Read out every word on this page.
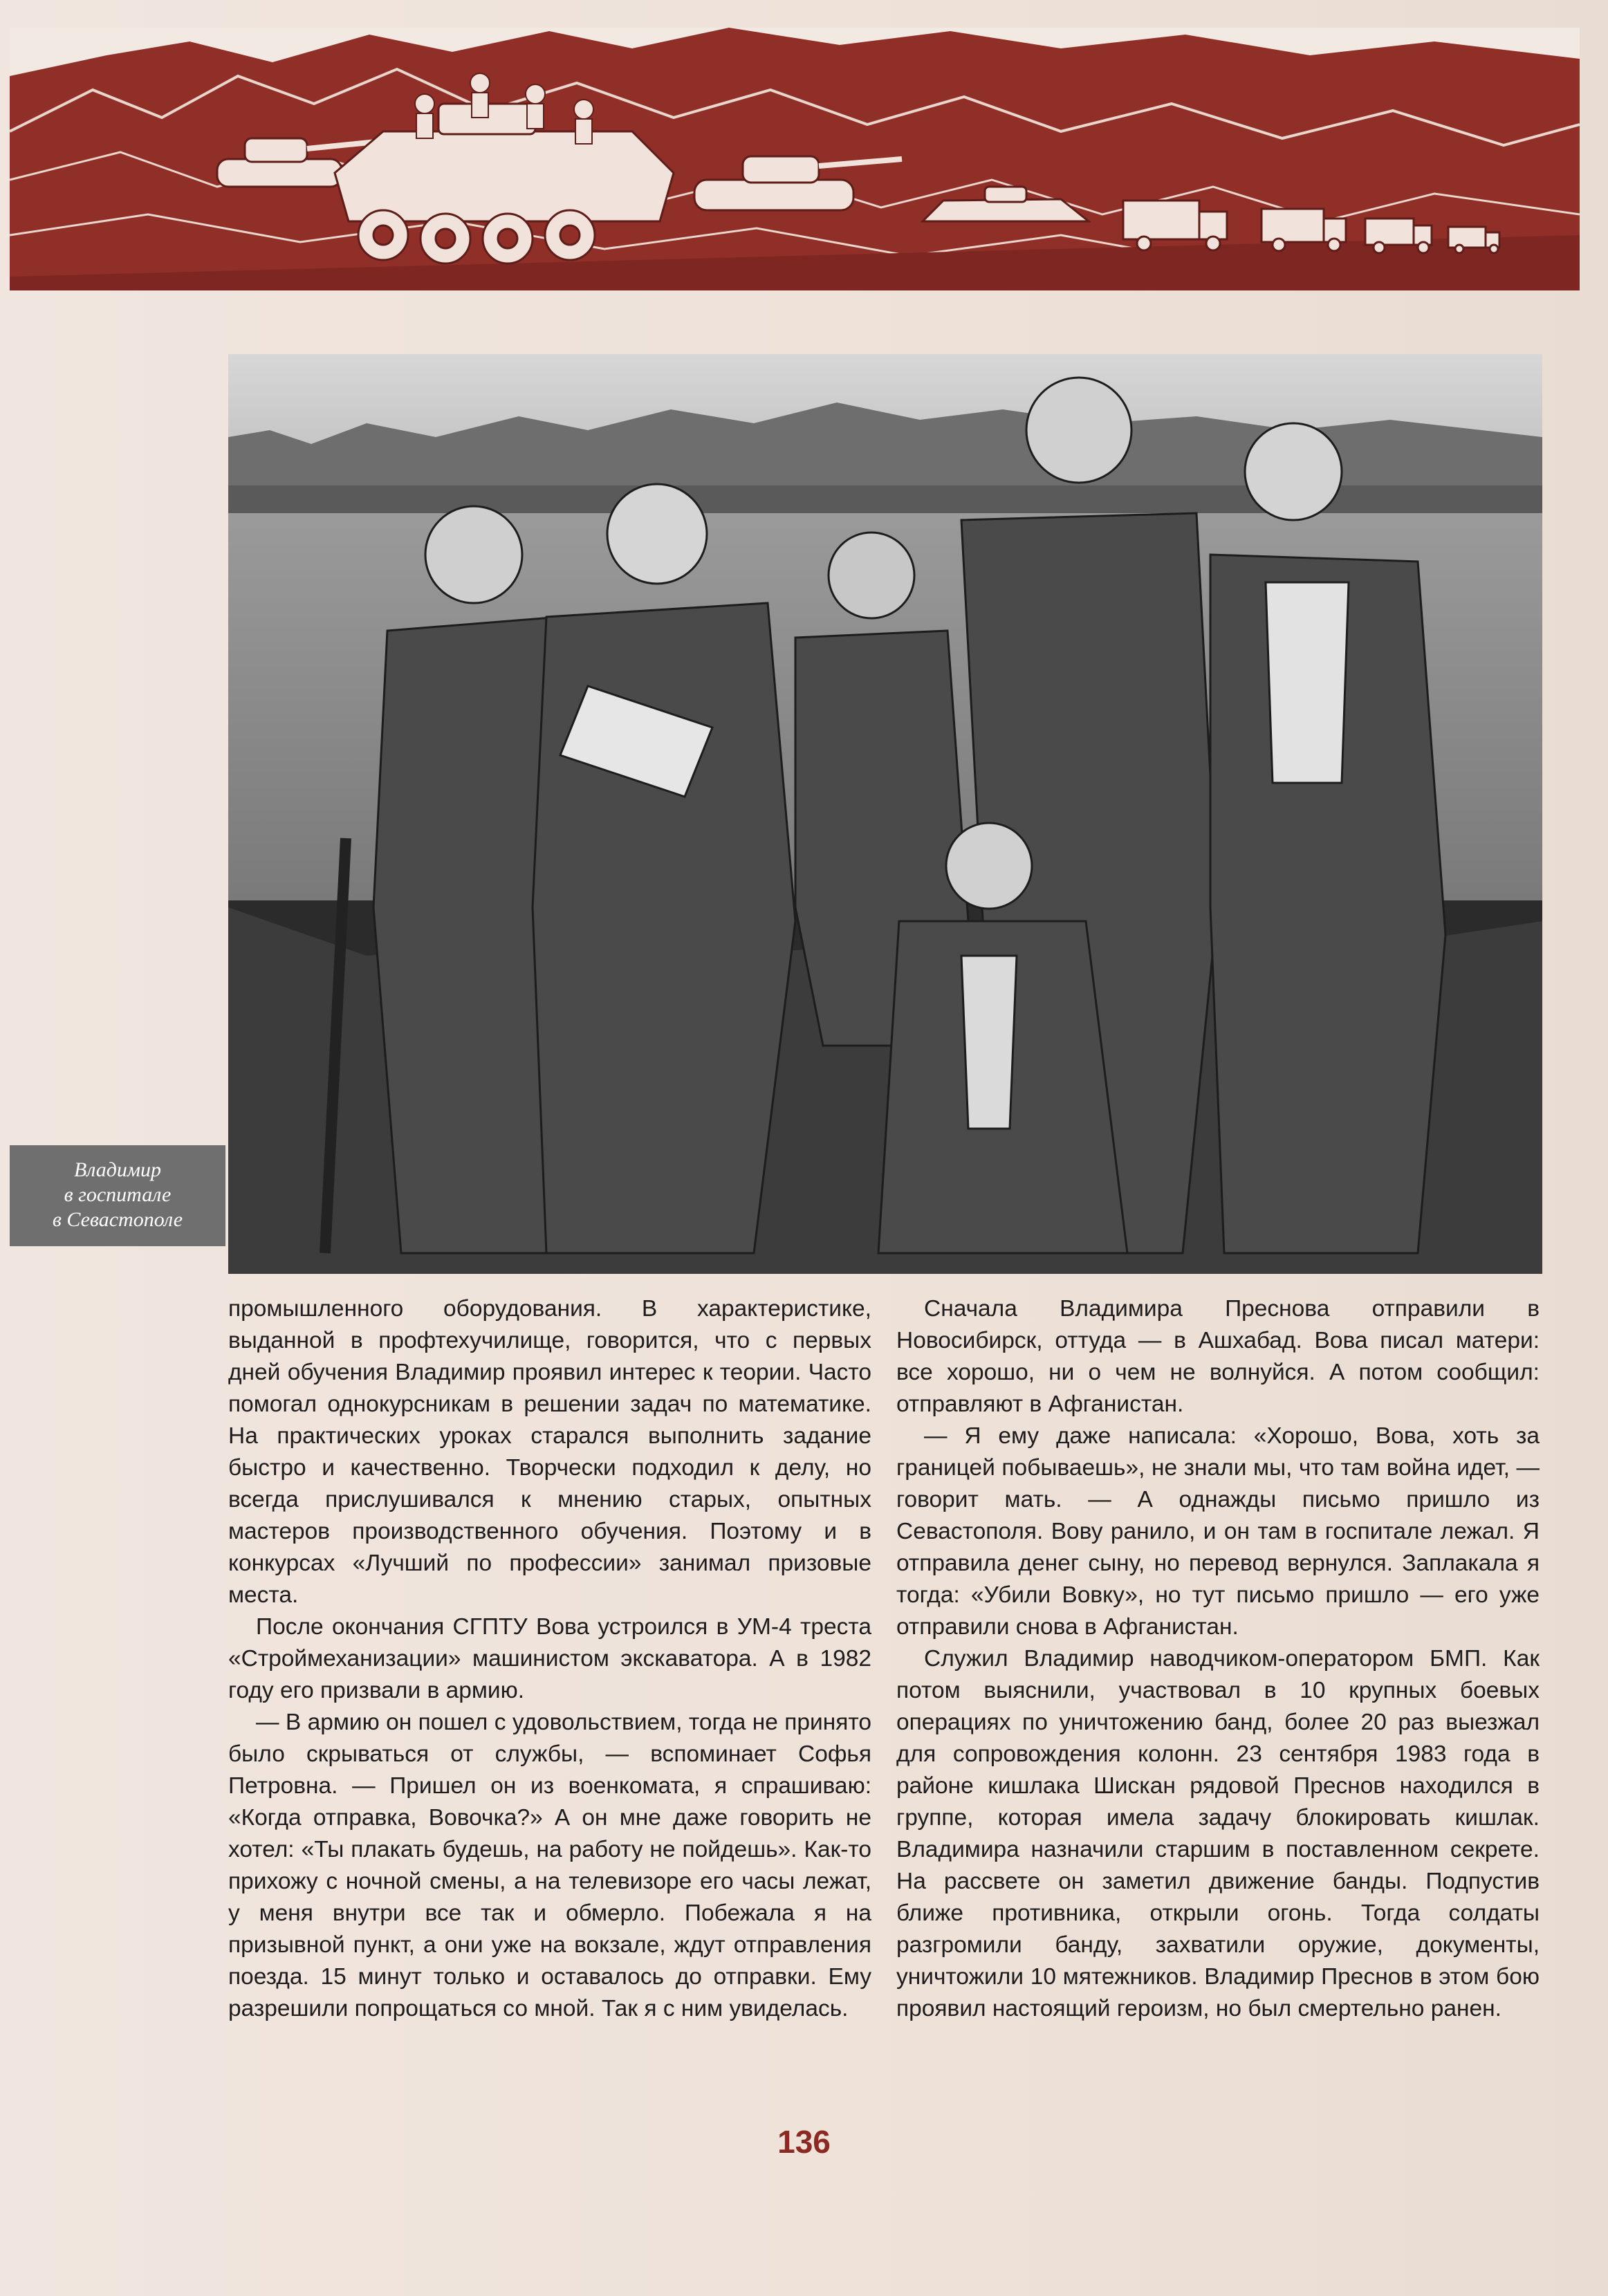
Владимир
в госпитале
в Севастополе

промышленного оборудования. В характеристике, выданной в профтехучилище, говорится, что с первых дней обучения Владимир проявил интерес к теории. Часто помогал однокурсникам в решении задач по математике. На практических уроках старался выполнить задание быстро и качественно. Творчески подходил к делу, но всегда прислушивался к мнению старых, опытных мастеров производственного обучения. Поэтому и в конкурсах «Лучший по профессии» занимал призовые места.

После окончания СГПТУ Вова устроился в УМ-4 треста «Строймеханизации» машинистом экскаватора. А в 1982 году его призвали в армию.

— В армию он пошел с удовольствием, тогда не принято было скрываться от службы, — вспоминает Софья Петровна. — Пришел он из военкомата, я спрашиваю: «Когда отправка, Вовочка?» А он мне даже говорить не хотел: «Ты плакать будешь, на работу не пойдешь». Как-то прихожу с ночной смены, а на телевизоре его часы лежат, у меня внутри все так и обмерло. Побежала я на призывной пункт, а они уже на вокзале, ждут отправления поезда. 15 минут только и оставалось до отправки. Ему разрешили попрощаться со мной. Так я с ним увиделась.

Сначала Владимира Преснова отправили в Новосибирск, оттуда — в Ашхабад. Вова писал матери: все хорошо, ни о чем не волнуйся. А потом сообщил: отправляют в Афганистан.

— Я ему даже написала: «Хорошо, Вова, хоть за границей побываешь», не знали мы, что там война идет, — говорит мать. — А однажды письмо пришло из Севастополя. Вову ранило, и он там в госпитале лежал. Я отправила денег сыну, но перевод вернулся. Заплакала я тогда: «Убили Вовку», но тут письмо пришло — его уже отправили снова в Афганистан.

Служил Владимир наводчиком-оператором БМП. Как потом выяснили, участвовал в 10 крупных боевых операциях по уничтожению банд, более 20 раз выезжал для сопровождения колонн. 23 сентября 1983 года в районе кишлака Шискан рядовой Преснов находился в группе, которая имела задачу блокировать кишлак. Владимира назначили старшим в поставленном секрете. На рассвете он заметил движение банды. Подпустив ближе противника, открыли огонь. Тогда солдаты разгромили банду, захватили оружие, документы, уничтожили 10 мятежников. Владимир Преснов в этом бою проявил настоящий героизм, но был смертельно ранен.

136
